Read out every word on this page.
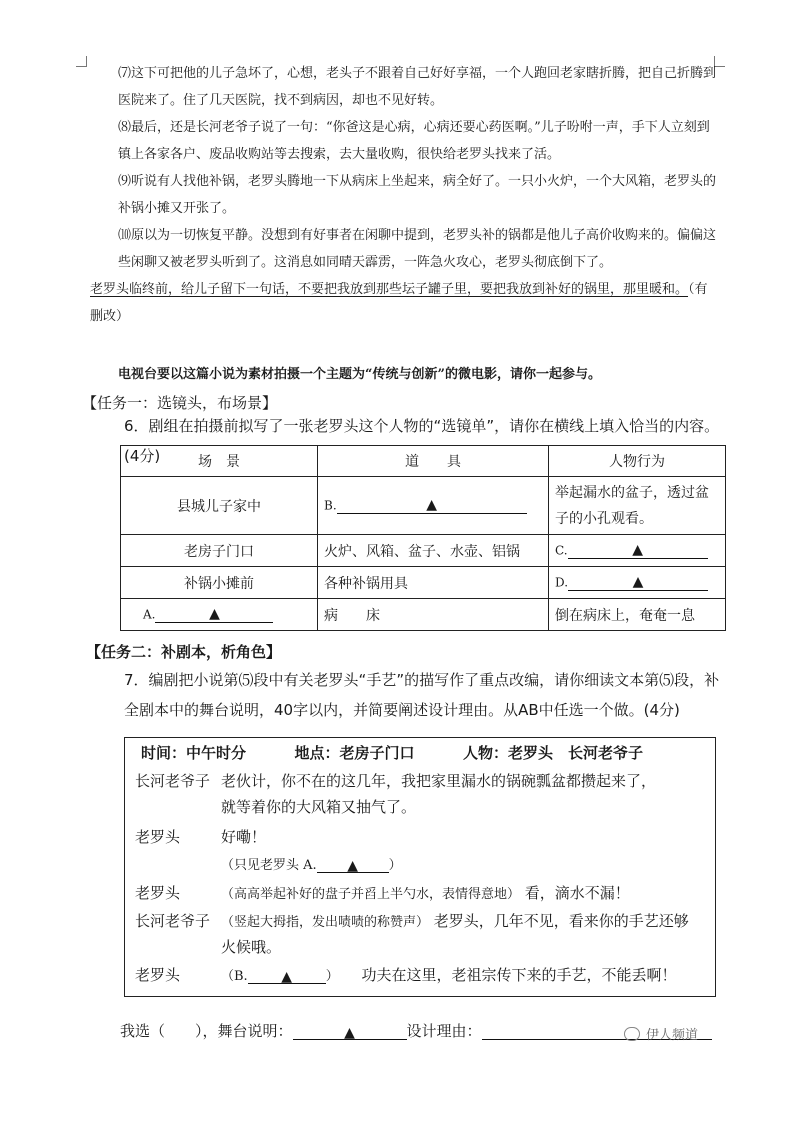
⑺这下可把他的儿子急坏了，心想，老头子不跟着自己好好享福，一个人跑回老家瞎折腾，把自己折腾到医院来了。住了几天医院，找不到病因，却也不见好转。

⑻最后，还是长河老爷子说了一句：“你爸这是心病，心病还要心药医啊。”儿子吩咐一声，手下人立刻到镇上各家各户、废品收购站等去搜索，去大量收购，很快给老罗头找来了活。

⑼听说有人找他补锅，老罗头腾地一下从病床上坐起来，病全好了。一只小火炉，一个大风箱，老罗头的补锅小摊又开张了。

⑽原以为一切恢复平静。没想到有好事者在闲聊中提到，老罗头补的锅都是他儿子高价收购来的。偏偏这些闲聊又被老罗头听到了。这消息如同晴天霹雳，一阵急火攻心，老罗头彻底倒下了。

老罗头临终前，给儿子留下一句话，不要把我放到那些坛子罐子里，要把我放到补好的锅里，那里暖和。（有删改）

电视台要以这篇小说为素材拍摄一个主题为“传统与创新”的微电影，请你一起参与。
【任务一：选镜头，布场景】
6．剧组在拍摄前拟写了一张老罗头这个人物的“选镜单”，请你在横线上填入恰当的内容。(4分)	场　景	道　　具	人物行为
县城儿子家中	B. ▲	举起漏水的盆子，透过盆子的小孔观看。
老房子门口	火炉、风箱、盆子、水壶、铝锅	C. ▲
补锅小摊前	各种补锅用具	D. ▲
A. ▲	病　　床	倒在病床上，奄奄一息
【任务二：补剧本，析角色】
7．编剧把小说第⑸段中有关老罗头“手艺”的描写作了重点改编，请你细读文本第⑸段，补全剧本中的舞台说明，40字以内，并简要阐述设计理由。从AB中任选一个做。(4分)
时间：中午时分	地点：老房子门口	人物：老罗头　长河老爷子
长河老爷子 老伙计，你不在的这几年，我把家里漏水的锅碗瓢盆都攒起来了，
就等着你的大风箱又抽气了。
老罗头	好嘞！
（只见老罗头 A. ▲ ）
老罗头	（高高举起补好的盘子并舀上半勺水，表情得意地） 看，滴水不漏！
长河老爷子 （竖起大拇指，发出啧啧的称赞声） 老罗头，几年不见，看来你的手艺还够
火候哦。
老罗头	（B. ▲	） 功夫在这里，老祖宗传下来的手艺，不能丢啊！
我选（　　），舞台说明：	▲	设计理由：	伊人频道
